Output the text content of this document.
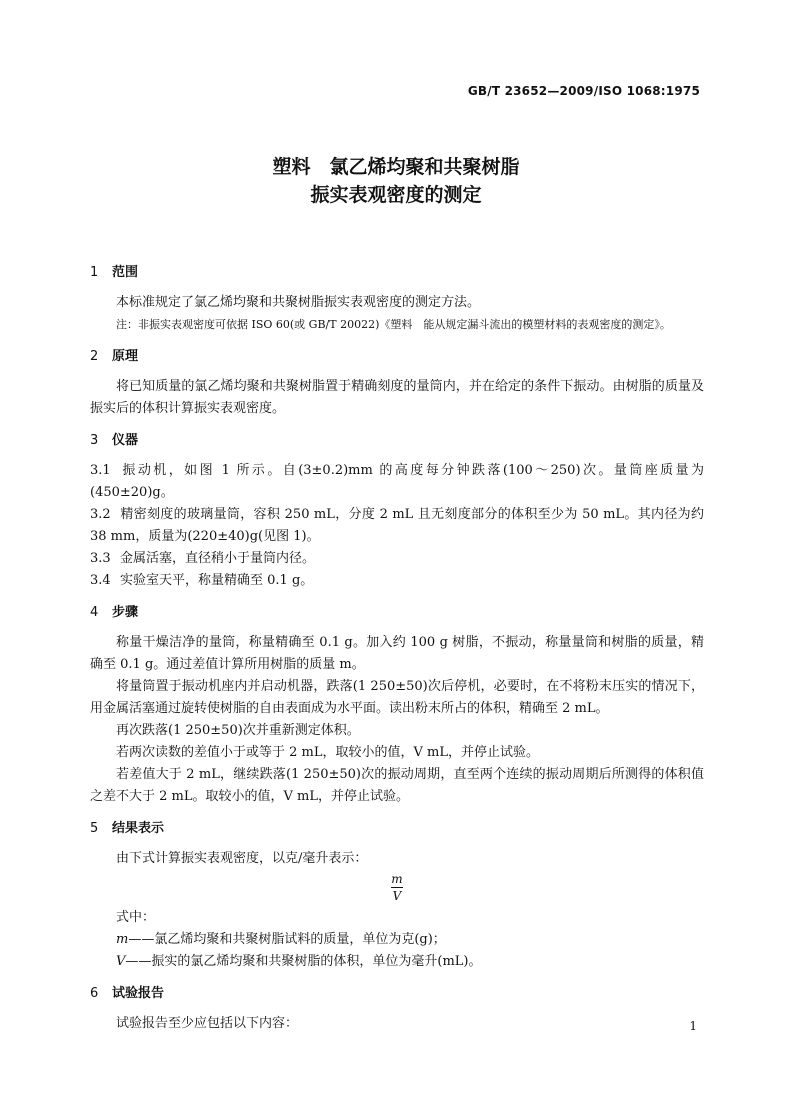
GB/T 23652—2009/ISO 1068:1975
塑料　氯乙烯均聚和共聚树脂
振实表观密度的测定

1 范围

本标准规定了氯乙烯均聚和共聚树脂振实表观密度的测定方法。

注：非振实表观密度可依据 ISO 60(或 GB/T 20022)《塑料　能从规定漏斗流出的模塑材料的表观密度的测定》。

2 原理

将已知质量的氯乙烯均聚和共聚树脂置于精确刻度的量筒内，并在给定的条件下振动。由树脂的质量及振实后的体积计算振实表观密度。

3 仪器

3.1 振动机，如图 1 所示。自(3±0.2)mm 的高度每分钟跌落(100～250)次。量筒座质量为(450±20)g。

3.2 精密刻度的玻璃量筒，容积 250 mL，分度 2 mL 且无刻度部分的体积至少为 50 mL。其内径为约 38 mm，质量为(220±40)g(见图 1)。

3.3 金属活塞，直径稍小于量筒内径。

3.4 实验室天平，称量精确至 0.1 g。

4 步骤

称量干燥洁净的量筒，称量精确至 0.1 g。加入约 100 g 树脂，不振动，称量量筒和树脂的质量，精确至 0.1 g。通过差值计算所用树脂的质量 m。

将量筒置于振动机座内并启动机器，跌落(1 250±50)次后停机，必要时，在不将粉末压实的情况下，用金属活塞通过旋转使树脂的自由表面成为水平面。读出粉末所占的体积，精确至 2 mL。

再次跌落(1 250±50)次并重新测定体积。

若两次读数的差值小于或等于 2 mL，取较小的值，V mL，并停止试验。

若差值大于 2 mL，继续跌落(1 250±50)次的振动周期，直至两个连续的振动周期后所测得的体积值之差不大于 2 mL。取较小的值，V mL，并停止试验。

5 结果表示

由下式计算振实表观密度，以克/毫升表示：

$\frac{m}{V}$

式中：

m——氯乙烯均聚和共聚树脂试料的质量，单位为克(g)；

V——振实的氯乙烯均聚和共聚树脂的体积，单位为毫升(mL)。

6 试验报告

试验报告至少应包括以下内容：	1
